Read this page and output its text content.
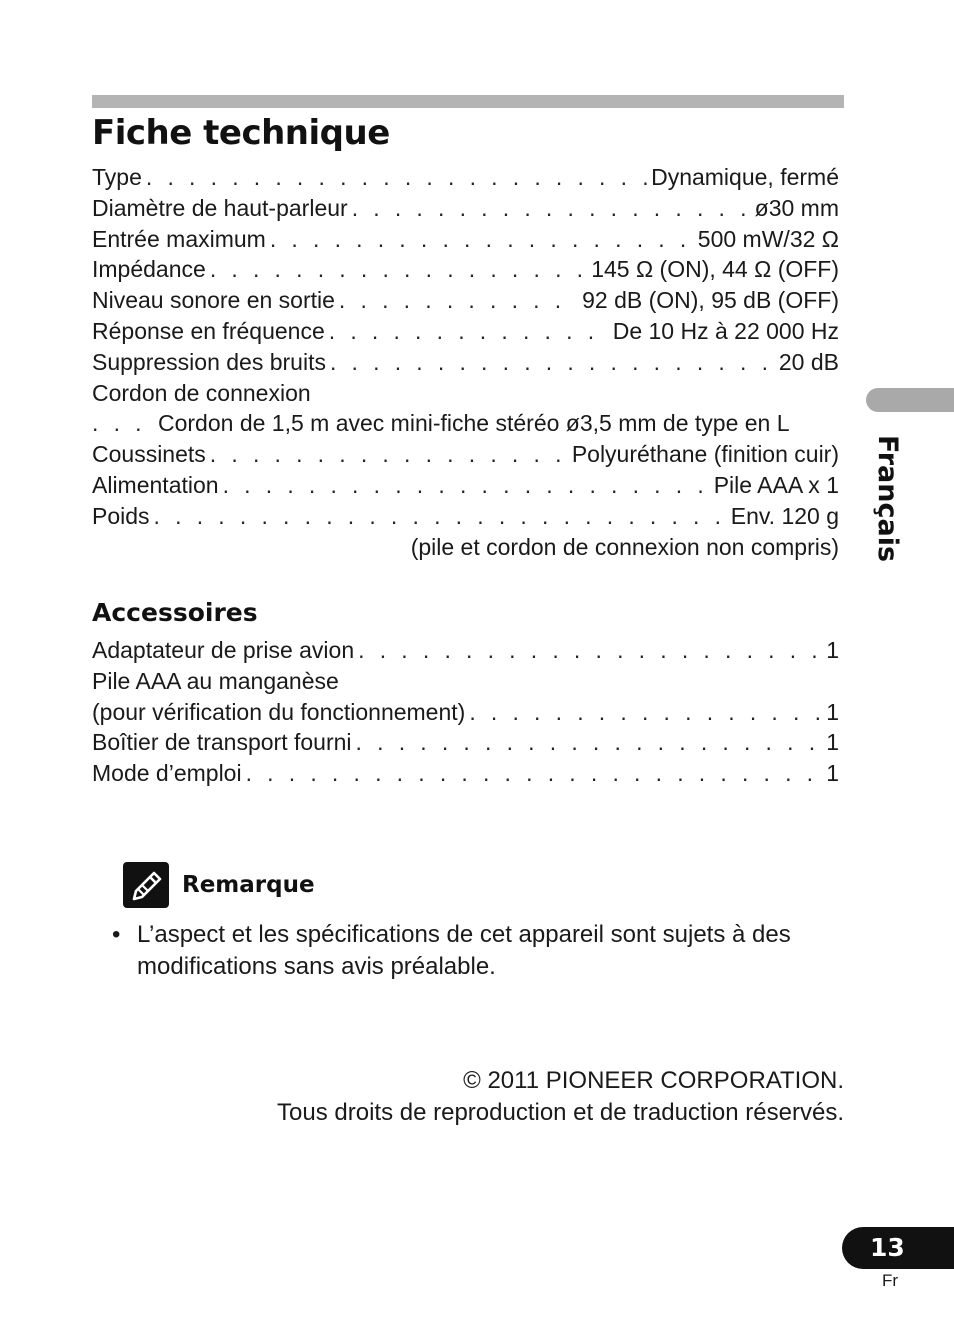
Fiche technique
Type . . .	Dynamique, fermé
Diamètre de haut-parleur . . .	ø30 mm
Entrée maximum . . .	500 mW/32 Ω
Impédance . . .	145 Ω (ON), 44 Ω (OFF)
Niveau sonore en sortie . . .	92 dB (ON), 95 dB (OFF)
Réponse en fréquence . . .	De 10 Hz à 22 000 Hz
Suppression des bruits . . .	20 dB
Cordon de connexion
. . .
Cordon de 1,5 m avec mini-fiche stéréo ø3,5 mm de type en L
Coussinets . . .	Polyuréthane (finition cuir)
Alimentation . . .	Pile AAA x 1
Poids . . .	Env. 120 g
(pile et cordon de connexion non compris)
Accessoires
Adaptateur de prise avion . . .	1
Pile AAA au manganèse
(pour vérification du fonctionnement) . . .	1
Boîtier de transport fourni . . .	1
Mode d’emploi . . .	1
Français
Remarque
• L’aspect et les spécifications de cet appareil sont sujets à des modifications sans avis préalable.

© 2011 PIONEER CORPORATION.
Tous droits de reproduction et de traduction réservés.
13
Fr
